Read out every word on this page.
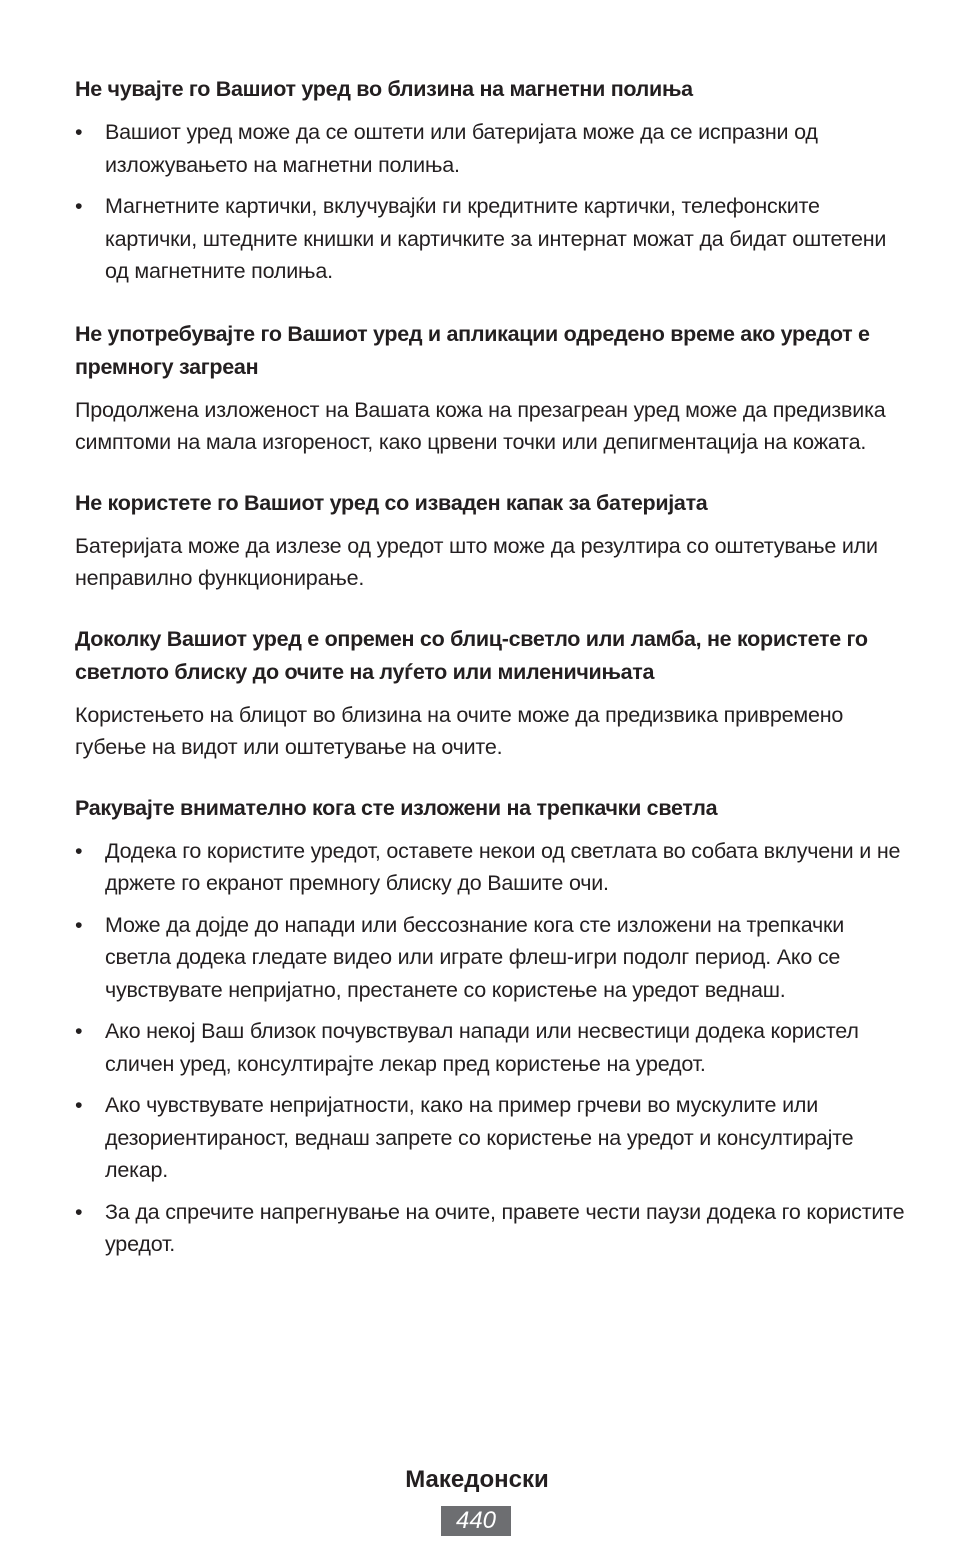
Не чувајте го Вашиот уред во близина на магнетни полиња
•	Вашиот уред може да се оштети или батеријата може да се испразни од изложувањето на магнетни полиња.
•	Магнетните картички, вклучувајќи ги кредитните картички, телефонските картички, штедните книшки и картичките за интернат можат да бидат оштетени од магнетните полиња.
Не употребувајте го Вашиот уред и апликации одредено време ако уредот е премногу загреан

Продолжена изложеност на Вашата кожа на презагреан уред може да предизвика симптоми на мала изгореност, како црвени точки или депигментација на кожата.

Не користете го Вашиот уред со извaден капак за батеријата

Батеријата може да излезе од уредот што може да резултира со оштетување или неправилно функционирање.

Доколку Вашиот уред е опремен со блиц-светло или ламба, не користете го светлото блиску до очите на луѓето или миленичињата

Користењето на блицот во близина на очите може да предизвика привремено губење на видот или оштетување на очите.

Ракувајте внимателно кога сте изложени на трепкачки светла
•	Додека го користите уредот, оставете некои од светлата во собата вклучени и не држете го екранот премногу блиску до Вашите очи.
•	Може да дојде до напади или бессознание кога сте изложени на трепкачки светла додека гледате видео или играте флеш-игри подолг период. Ако се чувствувате непријатно, престанете со користење на уредот веднаш.
•	Ако некој Ваш близок почувствувал напади или несвестици додека користел сличен уред, консултирајте лекар пред користење на уредот.
•	Ако чувствувате непријатности, како на пример грчеви во мускулите или дезориентираност, веднаш запрете со користење на уредот и консултирајте лекар.
•	За да спречите напрегнување на очите, правете чести паузи додека го користите уредот.
Македонски
440
